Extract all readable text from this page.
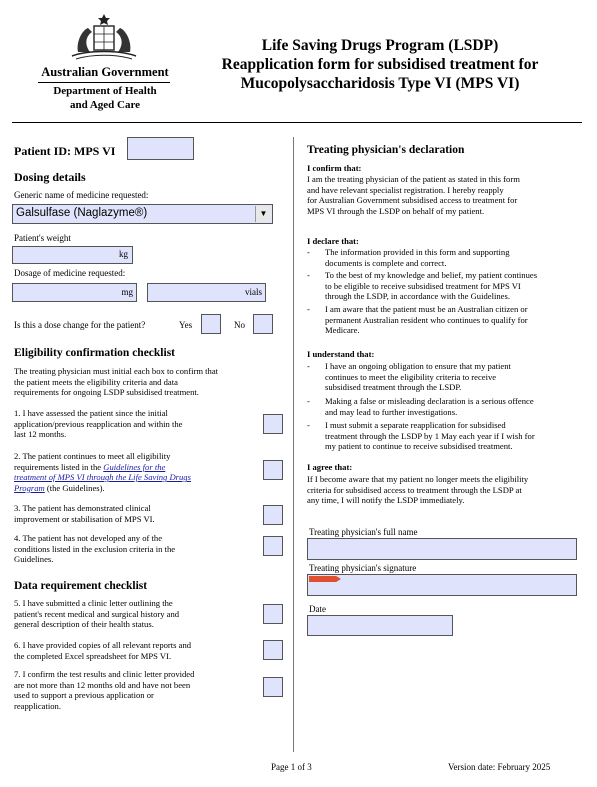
Australian Government
Department of Health
and Aged Care
Life Saving Drugs Program (LSDP)
Reapplication form for subsidised treatment for
Mucopolysaccharidosis Type VI (MPS VI)
Patient ID: MPS VI
Dosing details
Generic name of medicine requested:
Galsulfase (Naglazyme®)	▼
Patient's weight
kg
Dosage of medicine requested:
mg	vials
Is this a dose change for the patient?	Yes	No
Eligibility confirmation checklist
The treating physician must initial each box to confirm that
the patient meets the eligibility criteria and data
requirements for ongoing LSDP subsidised treatment.
1. I have assessed the patient since the initial
application/previous reapplication and within the
last 12 months.
2. The patient continues to meet all eligibility
requirements listed in the Guidelines for the
treatment of MPS VI through the Life Saving Drugs
Program (the Guidelines).
3. The patient has demonstrated clinical
improvement or stabilisation of MPS VI.
4. The patient has not developed any of the
conditions listed in the exclusion criteria in the
Guidelines.
Data requirement checklist
5. I have submitted a clinic letter outlining the
patient's recent medical and surgical history and
general description of their health status.
6. I have provided copies of all relevant reports and
the completed Excel spreadsheet for MPS VI.
7. I confirm the test results and clinic letter provided
are not more than 12 months old and have not been
used to support a previous application or
reapplication.
Treating physician's declaration
I confirm that:
I am the treating physician of the patient as stated in this form
and have relevant specialist registration. I hereby reapply
for Australian Government subsidised access to treatment for
MPS VI through the LSDP on behalf of my patient.
I declare that:
- The information provided in this form and supporting
documents is complete and correct.
- To the best of my knowledge and belief, my patient continues
to be eligible to receive subsidised treatment for MPS VI
through the LSDP, in accordance with the Guidelines.
- I am aware that the patient must be an Australian citizen or
permanent Australian resident who continues to qualify for
Medicare.
I understand that:
- I have an ongoing obligation to ensure that my patient
continues to meet the eligibility criteria to receive
subsidised treatment through the LSDP.
- Making a false or misleading declaration is a serious offence
and may lead to further investigations.
- I must submit a separate reapplication for subsidised
treatment through the LSDP by 1 May each year if I wish for
my patient to continue to receive subsidised treatment.
I agree that:
If I become aware that my patient no longer meets the eligibility
criteria for subsidised access to treatment through the LSDP at
any time, I will notify the LSDP immediately.
Treating physician's full name
Treating physician's signature
Date
Page 1 of 3	Version date: February 2025
